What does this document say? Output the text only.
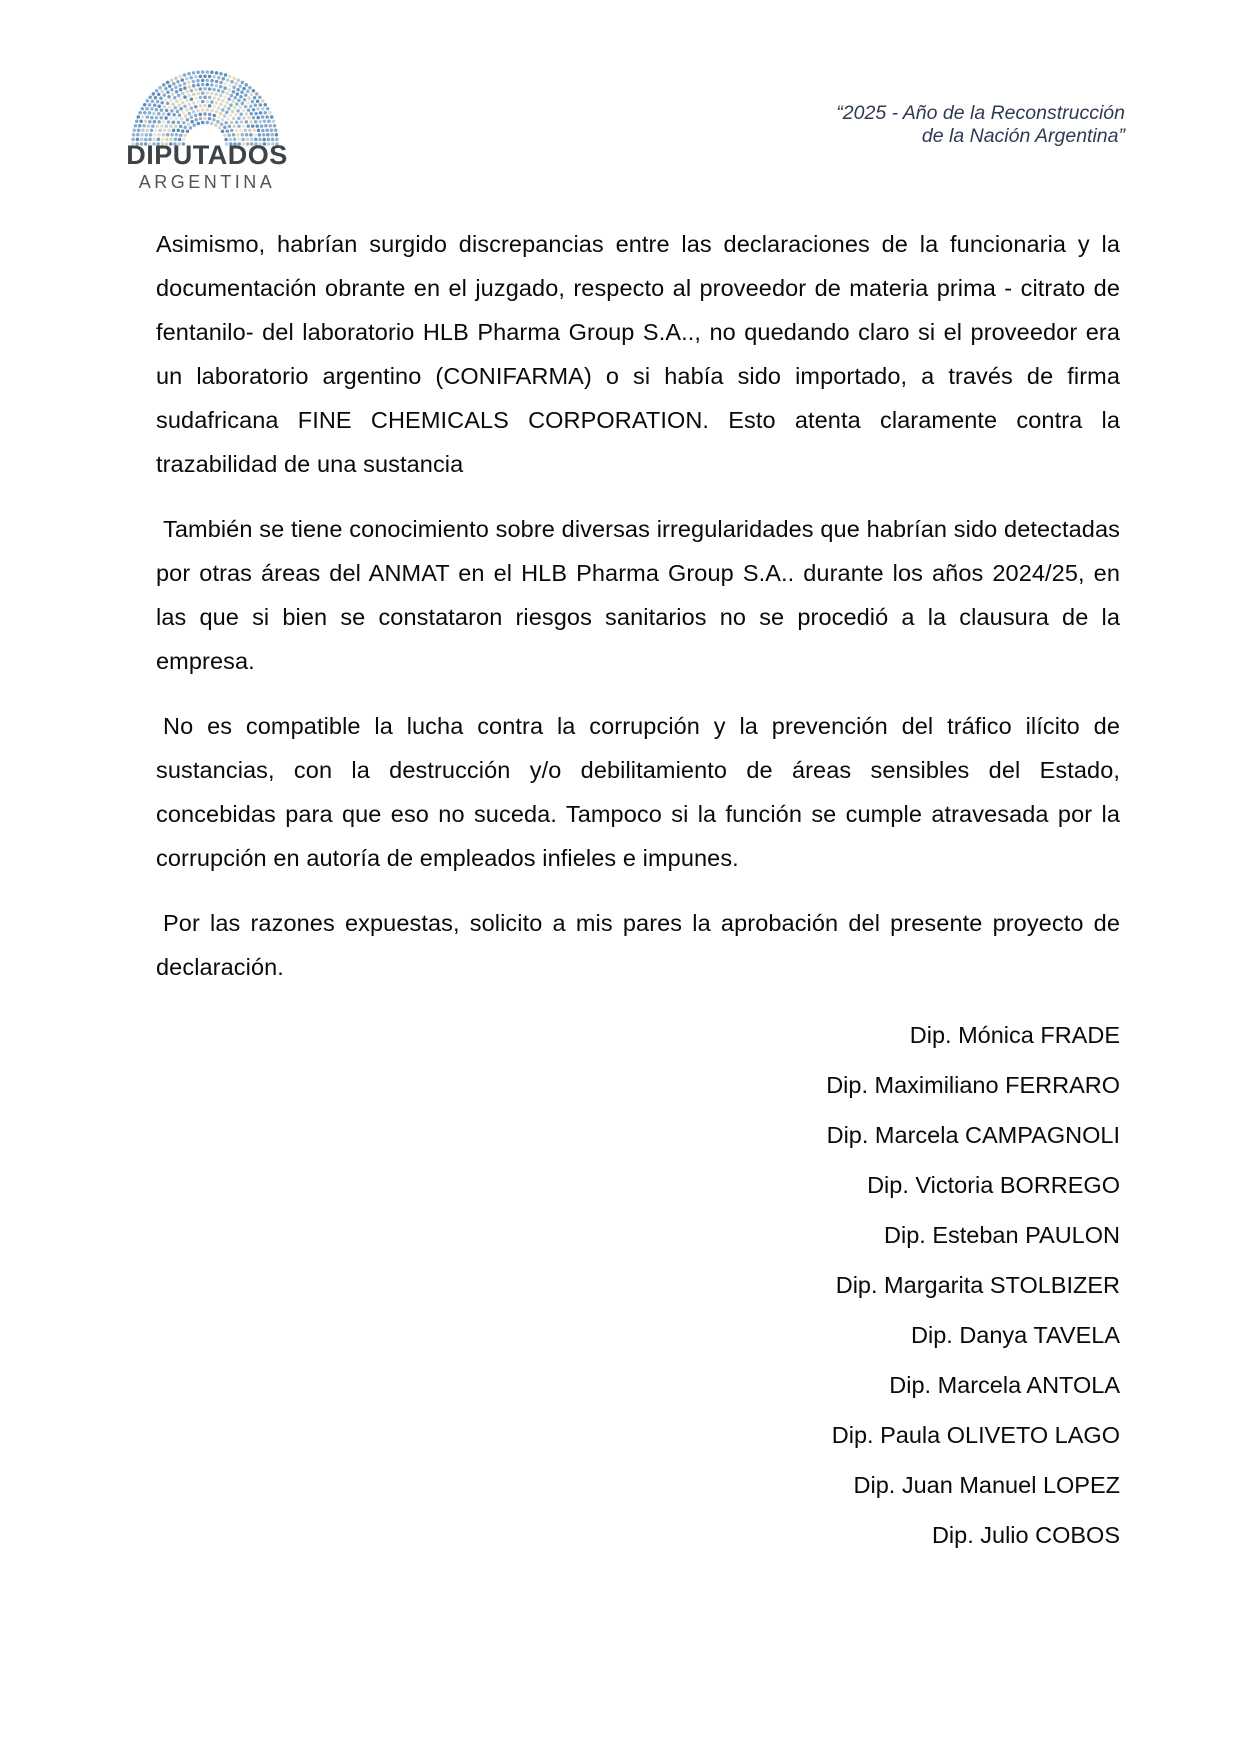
DIPUTADOS
ARGENTINA
“2025 - Año de la Reconstrucción
de la Nación Argentina”

Asimismo, habrían surgido discrepancias entre las declaraciones de la funcionaria y la documentación obrante en el juzgado, respecto al proveedor de materia prima - citrato de fentanilo- del laboratorio HLB Pharma Group S.A.., no quedando claro si el proveedor era un laboratorio argentino (CONIFARMA) o si había sido importado, a través de firma sudafricana FINE CHEMICALS CORPORATION. Esto atenta claramente contra la trazabilidad de una sustancia

También se tiene conocimiento sobre diversas irregularidades que habrían sido detectadas por otras áreas del ANMAT en el HLB Pharma Group S.A.. durante los años 2024/25, en las que si bien se constataron riesgos sanitarios no se procedió a la clausura de la empresa.

No es compatible la lucha contra la corrupción y la prevención del tráfico ilícito de sustancias, con la destrucción y/o debilitamiento de áreas sensibles del Estado, concebidas para que eso no suceda. Tampoco si la función se cumple atravesada por la corrupción en autoría de empleados infieles e impunes.

Por las razones expuestas, solicito a mis pares la aprobación del presente proyecto de declaración.

Dip. Mónica FRADE
Dip. Maximiliano FERRARO
Dip. Marcela CAMPAGNOLI
Dip. Victoria BORREGO
Dip. Esteban PAULON
Dip. Margarita STOLBIZER
Dip. Danya TAVELA
Dip. Marcela ANTOLA
Dip. Paula OLIVETO LAGO
Dip. Juan Manuel LOPEZ
Dip. Julio COBOS
